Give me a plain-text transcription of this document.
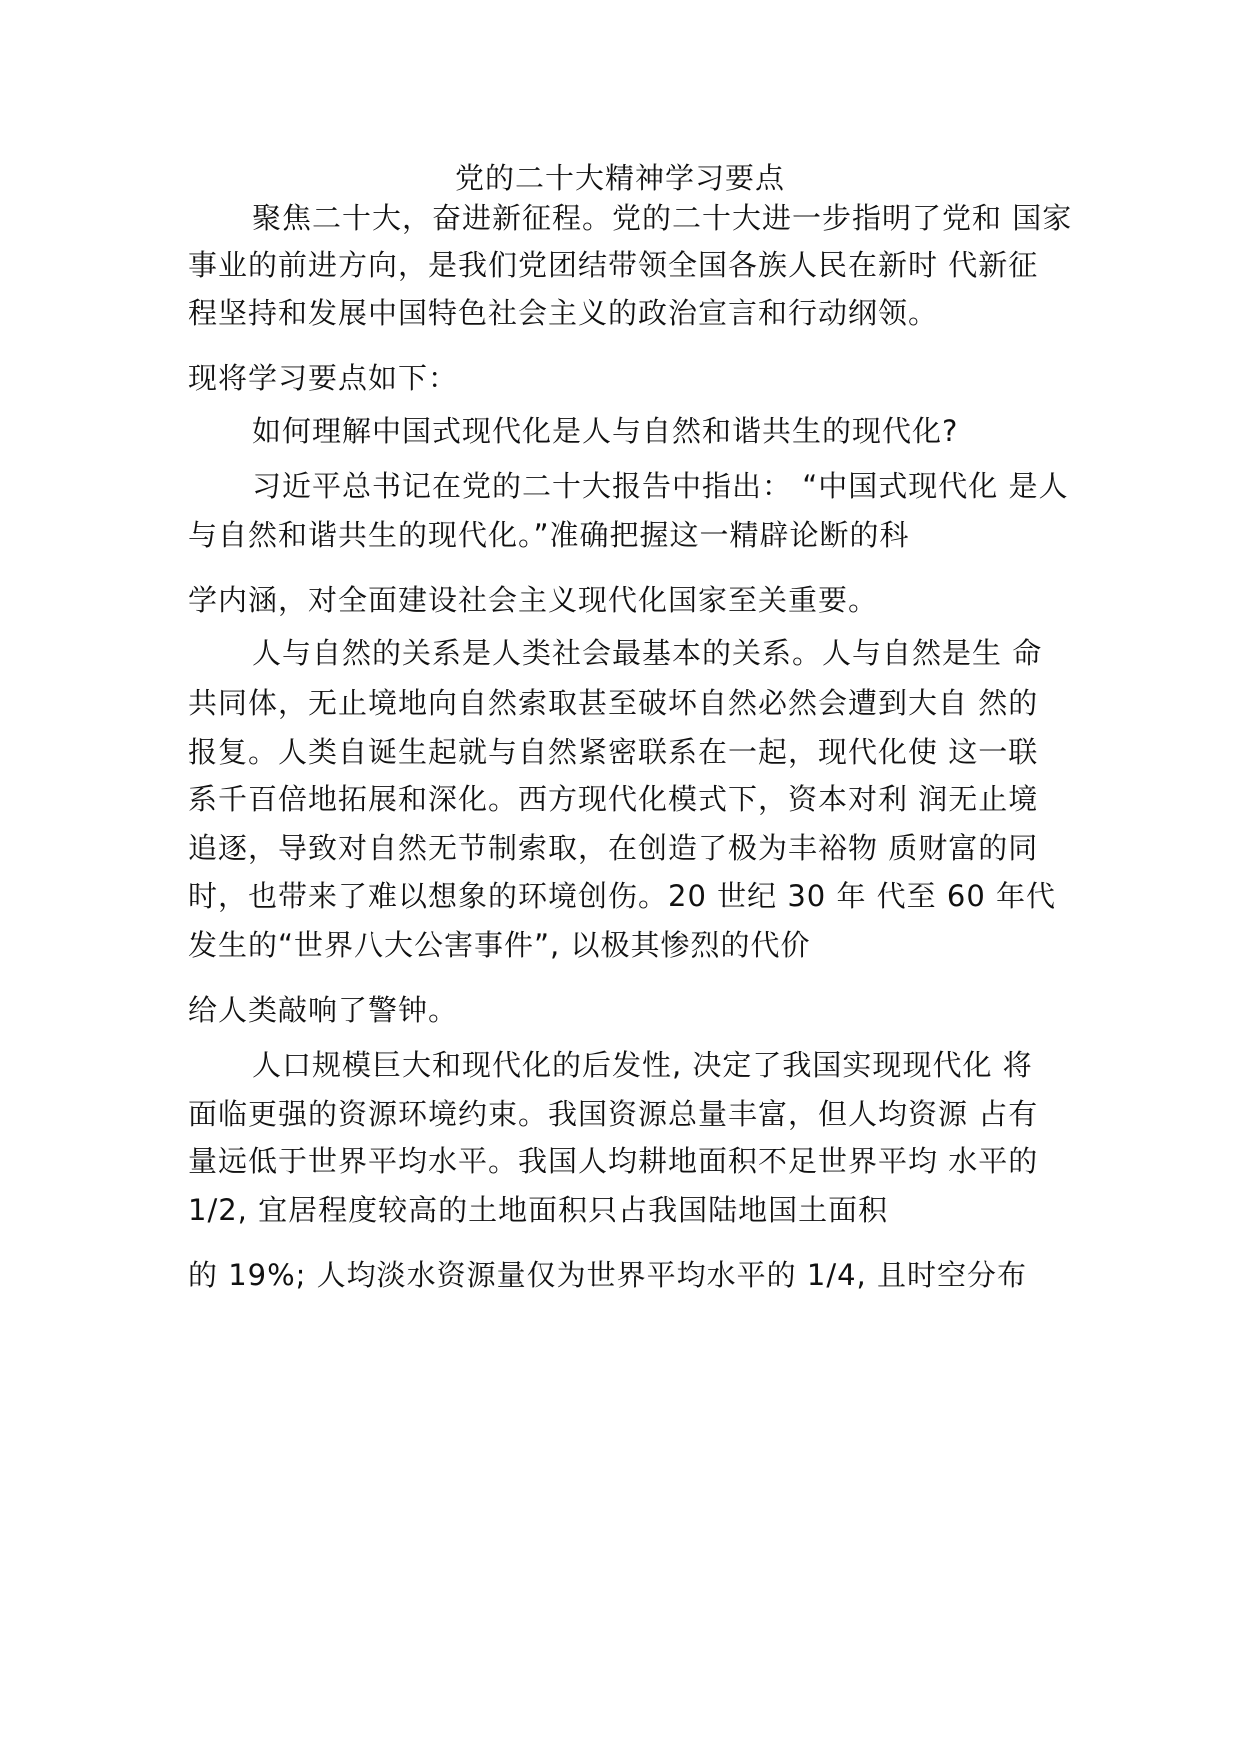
党的二十大精神学习要点
聚焦二十大，奋进新征程。党的二十大进一步指明了党和 国家
事业的前进方向，是我们党团结带领全国各族人民在新时 代新征
程坚持和发展中国特色社会主义的政治宣言和行动纲领。
现将学习要点如下：
如何理解中国式现代化是人与自然和谐共生的现代化?
习近平总书记在党的二十大报告中指出： “中国式现代化 是人
与自然和谐共生的现代化。”准确把握这一精辟论断的科
学内涵，对全面建设社会主义现代化国家至关重要。
人与自然的关系是人类社会最基本的关系。人与自然是生 命
共同体，无止境地向自然索取甚至破坏自然必然会遭到大自 然的
报复。人类自诞生起就与自然紧密联系在一起，现代化使 这一联
系千百倍地拓展和深化。西方现代化模式下，资本对利 润无止境
追逐，导致对自然无节制索取，在创造了极为丰裕物 质财富的同
时，也带来了难以想象的环境创伤。20 世纪 30 年 代至 60 年代
发生的“世界八大公害事件”, 以极其惨烈的代价
给人类敲响了警钟。
人口规模巨大和现代化的后发性, 决定了我国实现现代化 将
面临更强的资源环境约束。我国资源总量丰富，但人均资源 占有
量远低于世界平均水平。我国人均耕地面积不足世界平均 水平的
1/2, 宜居程度较高的土地面积只占我国陆地国土面积
的 19%; 人均淡水资源量仅为世界平均水平的 1/4, 且时空分布
